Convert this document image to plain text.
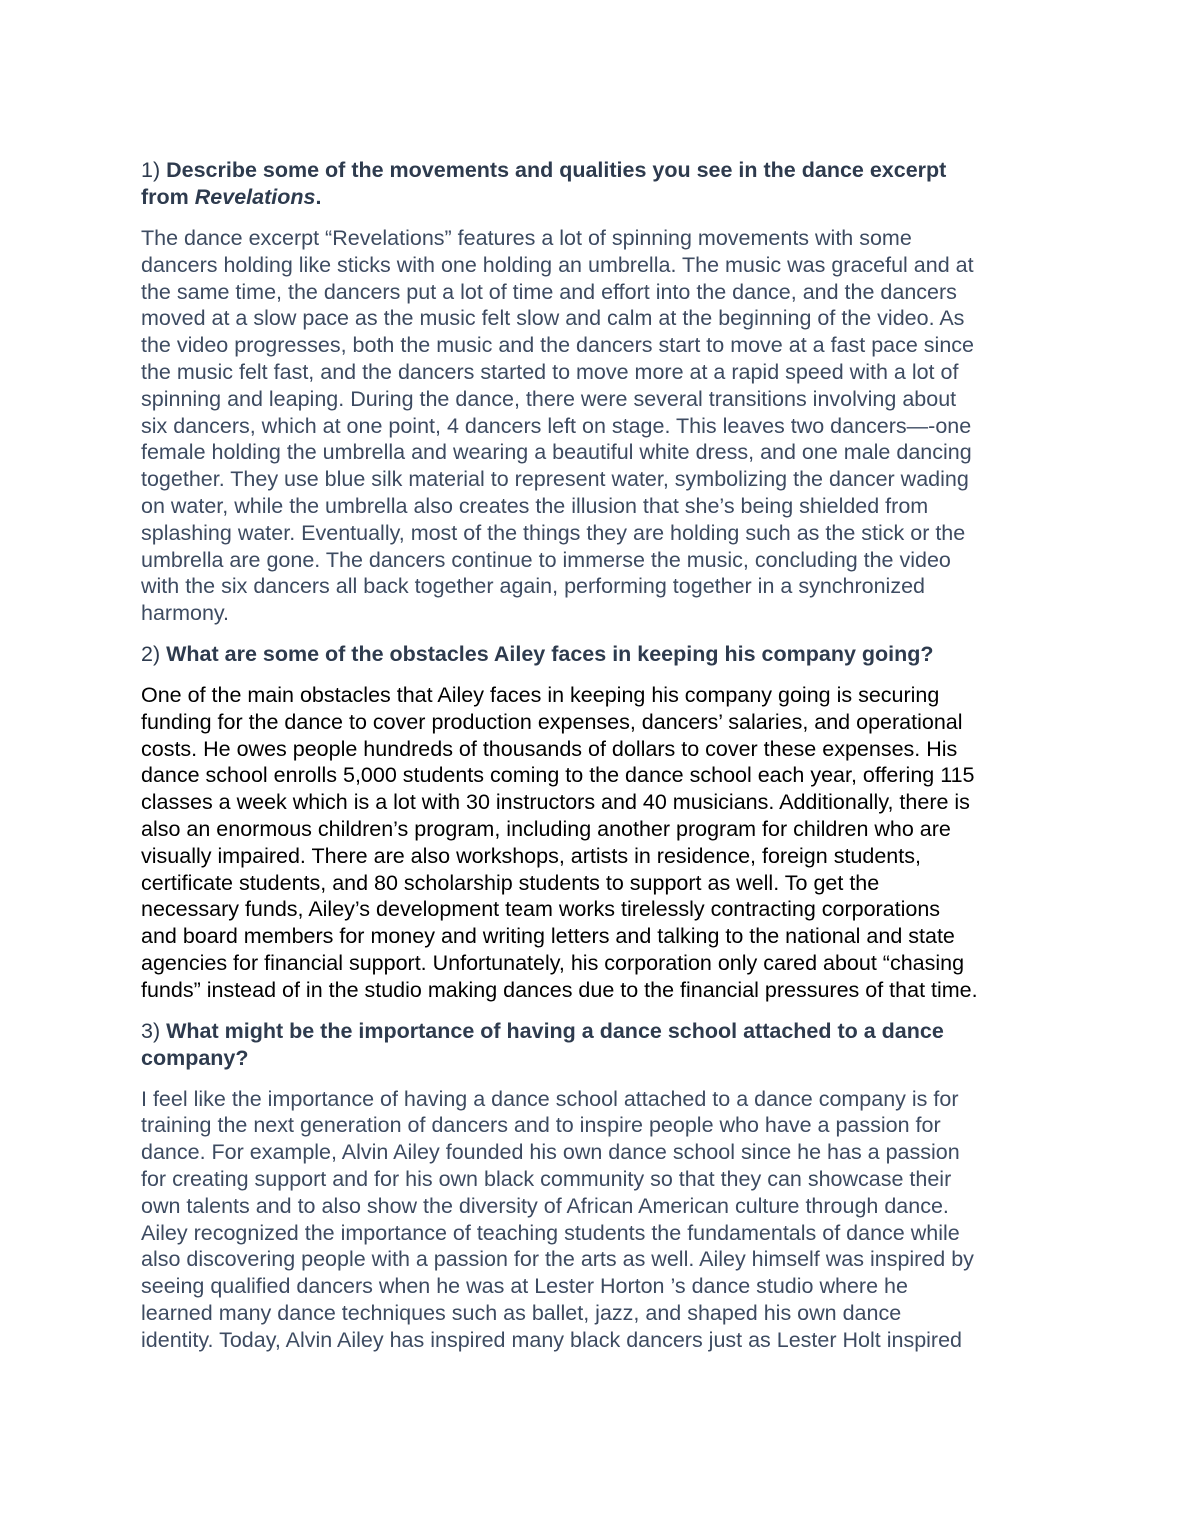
1) Describe some of the movements and qualities you see in the dance excerpt
from Revelations.
The dance excerpt “Revelations” features a lot of spinning movements with some
dancers holding like sticks with one holding an umbrella. The music was graceful and at
the same time, the dancers put a lot of time and effort into the dance, and the dancers
moved at a slow pace as the music felt slow and calm at the beginning of the video. As
the video progresses, both the music and the dancers start to move at a fast pace since
the music felt fast, and the dancers started to move more at a rapid speed with a lot of
spinning and leaping. During the dance, there were several transitions involving about
six dancers, which at one point, 4 dancers left on stage. This leaves two dancers—-one
female holding the umbrella and wearing a beautiful white dress, and one male dancing
together. They use blue silk material to represent water, symbolizing the dancer wading
on water, while the umbrella also creates the illusion that she’s being shielded from
splashing water. Eventually, most of the things they are holding such as the stick or the
umbrella are gone. The dancers continue to immerse the music, concluding the video
with the six dancers all back together again, performing together in a synchronized
harmony.
2) What are some of the obstacles Ailey faces in keeping his company going?
One of the main obstacles that Ailey faces in keeping his company going is securing
funding for the dance to cover production expenses, dancers’ salaries, and operational
costs. He owes people hundreds of thousands of dollars to cover these expenses. His
dance school enrolls 5,000 students coming to the dance school each year, offering 115
classes a week which is a lot with 30 instructors and 40 musicians. Additionally, there is
also an enormous children’s program, including another program for children who are
visually impaired. There are also workshops, artists in residence, foreign students,
certificate students, and 80 scholarship students to support as well. To get the
necessary funds, Ailey’s development team works tirelessly contracting corporations
and board members for money and writing letters and talking to the national and state
agencies for financial support. Unfortunately, his corporation only cared about “chasing
funds” instead of in the studio making dances due to the financial pressures of that time.
3) What might be the importance of having a dance school attached to a dance
company?
I feel like the importance of having a dance school attached to a dance company is for
training the next generation of dancers and to inspire people who have a passion for
dance. For example, Alvin Ailey founded his own dance school since he has a passion
for creating support and for his own black community so that they can showcase their
own talents and to also show the diversity of African American culture through dance.
Ailey recognized the importance of teaching students the fundamentals of dance while
also discovering people with a passion for the arts as well. Ailey himself was inspired by
seeing qualified dancers when he was at Lester Horton ’s dance studio where he
learned many dance techniques such as ballet, jazz, and shaped his own dance
identity. Today, Alvin Ailey has inspired many black dancers just as Lester Holt inspired
